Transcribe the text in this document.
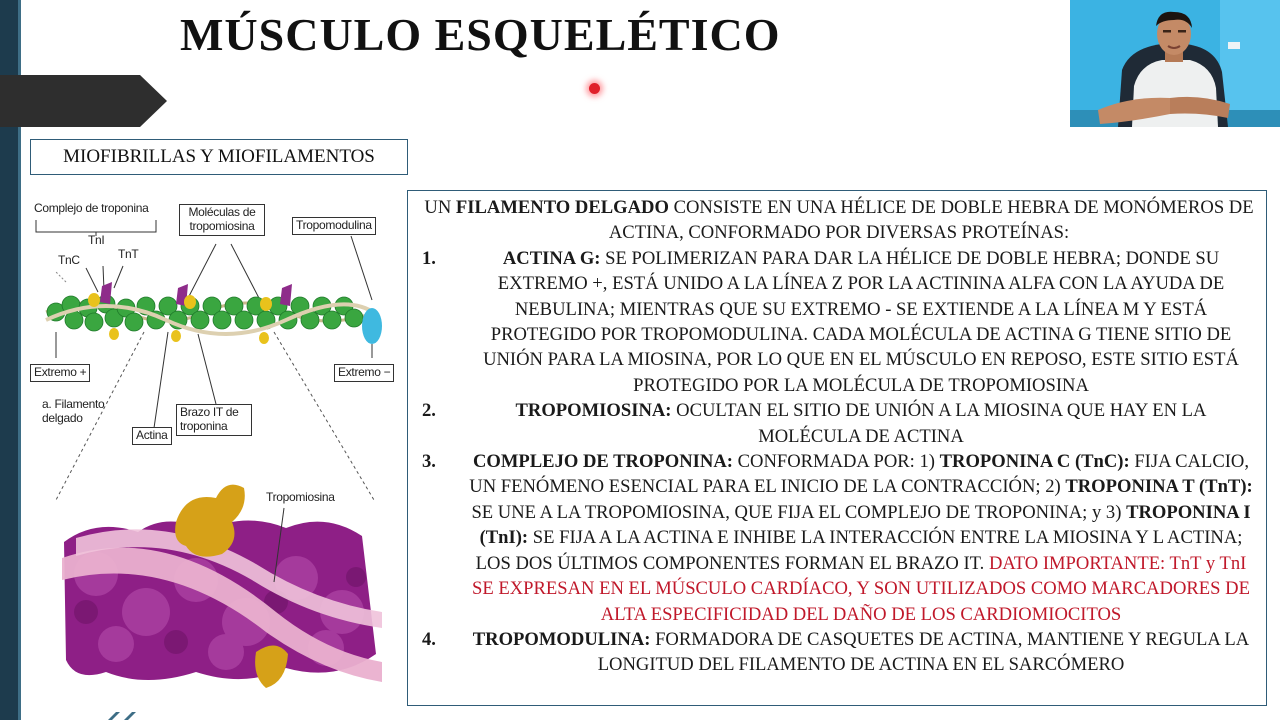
MÚSCULO ESQUELÉTICO
MIOFIBRILLAS Y MIOFILAMENTOS
Complejo de troponina
TnI
TnC	TnT
Moléculas de tropomiosina	Tropomodulina
Extremo +	Extremo −
a. Filamento delgado
Actina
Brazo IT de troponina
Tropomiosina

UN FILAMENTO DELGADO CONSISTE EN UNA HÉLICE DE DOBLE HEBRA DE MONÓMEROS DE ACTINA, CONFORMADO POR DIVERSAS PROTEÍNAS:

1.	ACTINA G: SE POLIMERIZAN PARA DAR LA HÉLICE DE DOBLE HEBRA; DONDE SU EXTREMO +, ESTÁ UNIDO A LA LÍNEA Z POR LA ACTININA ALFA CON LA AYUDA DE NEBULINA; MIENTRAS QUE SU EXTREMO - SE EXTIENDE A LA LÍNEA M Y ESTÁ PROTEGIDO POR TROPOMODULINA. CADA MOLÉCULA DE ACTINA G TIENE SITIO DE UNIÓN PARA LA MIOSINA, POR LO QUE EN EL MÚSCULO EN REPOSO, ESTE SITIO ESTÁ PROTEGIDO POR LA MOLÉCULA DE TROPOMIOSINA
2.	TROPOMIOSINA: OCULTAN EL SITIO DE UNIÓN A LA MIOSINA QUE HAY EN LA MOLÉCULA DE ACTINA
3.	COMPLEJO DE TROPONINA: CONFORMADA POR: 1) TROPONINA C (TnC): FIJA CALCIO, UN FENÓMENO ESENCIAL PARA EL INICIO DE LA CONTRACCIÓN; 2) TROPONINA T (TnT): SE UNE A LA TROPOMIOSINA, QUE FIJA EL COMPLEJO DE TROPONINA; y 3) TROPONINA I (TnI): SE FIJA A LA ACTINA E INHIBE LA INTERACCIÓN ENTRE LA MIOSINA Y L ACTINA; LOS DOS ÚLTIMOS COMPONENTES FORMAN EL BRAZO IT. DATO IMPORTANTE: TnT y TnI SE EXPRESAN EN EL MÚSCULO CARDÍACO, Y SON UTILIZADOS COMO MARCADORES DE ALTA ESPECIFICIDAD DEL DAÑO DE LOS CARDIOMIOCITOS
4.	TROPOMODULINA: FORMADORA DE CASQUETES DE ACTINA, MANTIENE Y REGULA LA LONGITUD DEL FILAMENTO DE ACTINA EN EL SARCÓMERO
